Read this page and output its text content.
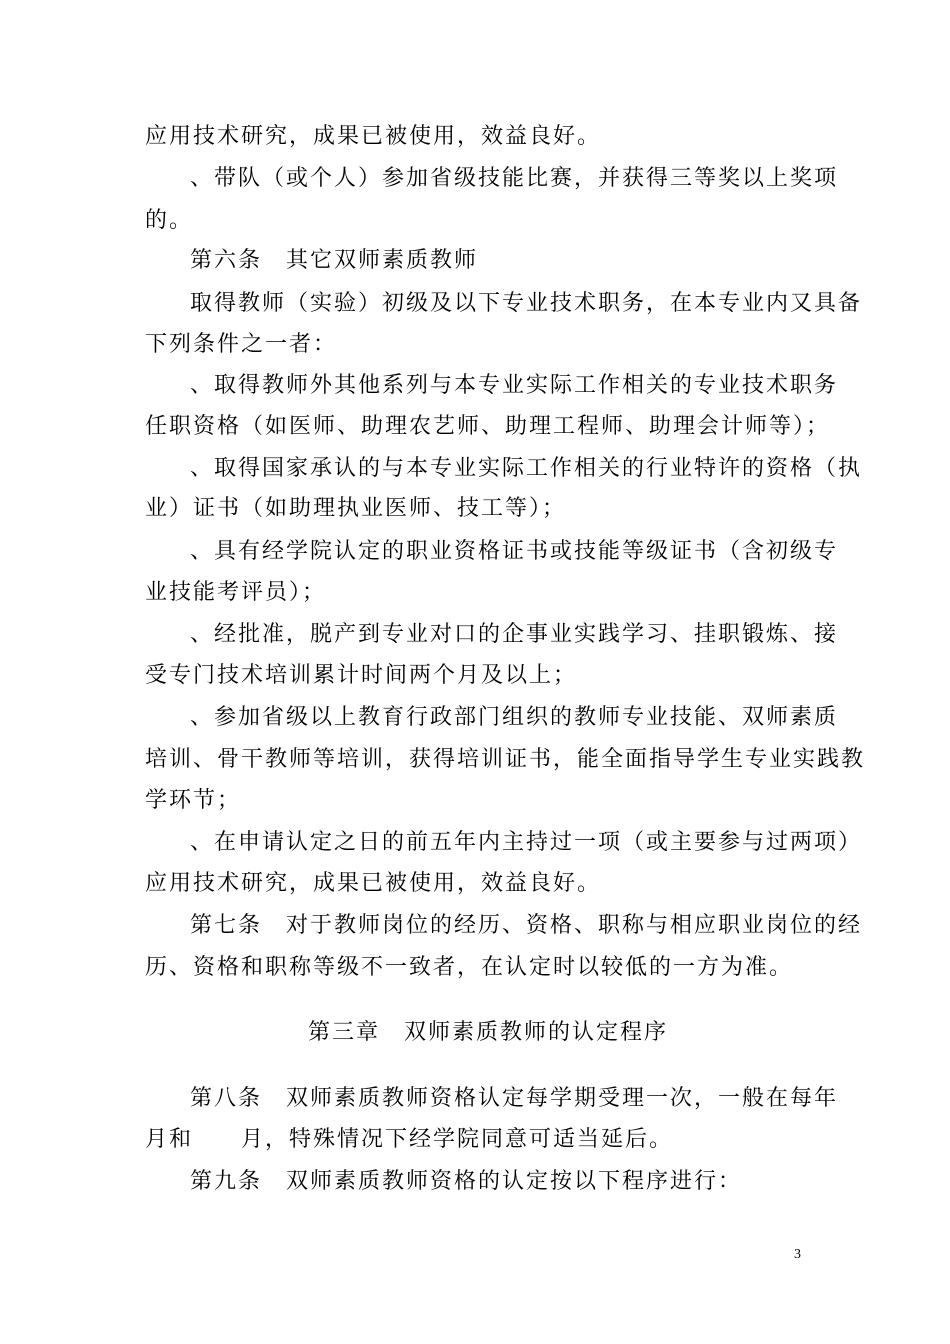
应用技术研究，成果已被使用，效益良好。
、带队（或个人）参加省级技能比赛，并获得三等奖以上奖项
的。
第六条　其它双师素质教师
取得教师（实验）初级及以下专业技术职务，在本专业内又具备
下列条件之一者：
、取得教师外其他系列与本专业实际工作相关的专业技术职务
任职资格（如医师、助理农艺师、助理工程师、助理会计师等）；
、取得国家承认的与本专业实际工作相关的行业特许的资格（执
业）证书（如助理执业医师、技工等）；
、具有经学院认定的职业资格证书或技能等级证书（含初级专
业技能考评员）；
、经批准，脱产到专业对口的企事业实践学习、挂职锻炼、接
受专门技术培训累计时间两个月及以上；
、参加省级以上教育行政部门组织的教师专业技能、双师素质
培训、骨干教师等培训，获得培训证书，能全面指导学生专业实践教
学环节；
、在申请认定之日的前五年内主持过一项（或主要参与过两项）
应用技术研究，成果已被使用，效益良好。
第七条　对于教师岗位的经历、资格、职称与相应职业岗位的经
历、资格和职称等级不一致者，在认定时以较低的一方为准。
第三章　双师素质教师的认定程序
第八条　双师素质教师资格认定每学期受理一次，一般在每年
月和　　月，特殊情况下经学院同意可适当延后。
第九条　双师素质教师资格的认定按以下程序进行：
3
